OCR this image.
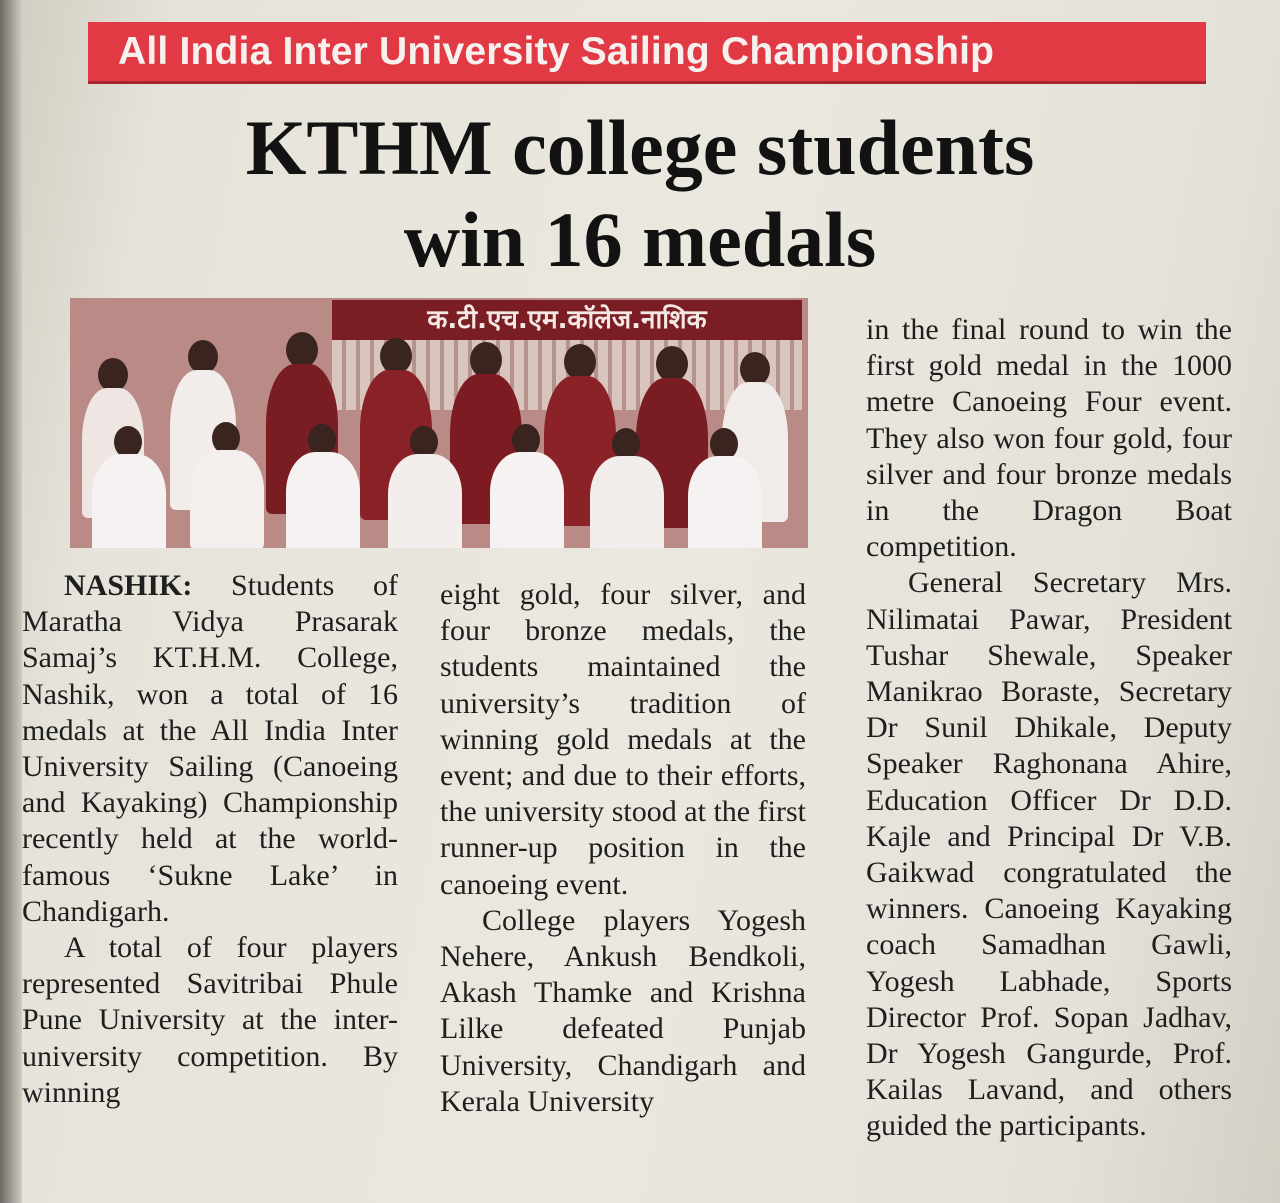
All India Inter University Sailing Championship
KTHM college students
win 16 medals
क.टी.एच.एम.कॉलेज.नाशिक

NASHIK: Students of Maratha Vidya Prasarak Samaj’s KT.H.M. College, Nashik, won a total of 16 medals at the All India Inter University Sailing (Canoeing and Kayaking) Championship recently held at the world-famous ‘Sukne Lake’ in Chandigarh.

A total of four players represented Savitribai Phule Pune University at the inter-university competition. By winning

eight gold, four silver, and four bronze medals, the students maintained the university’s tradition of winning gold medals at the event; and due to their efforts, the university stood at the first runner-up position in the canoeing event.

College players Yogesh Nehere, Ankush Bendkoli, Akash Thamke and Krishna Lilke defeated Punjab University, Chandigarh and Kerala University

in the final round to win the first gold medal in the 1000 metre Canoeing Four event. They also won four gold, four silver and four bronze medals in the Dragon Boat competition.

General Secretary Mrs. Nilimatai Pawar, President Tushar Shewale, Speaker Manikrao Boraste, Secretary Dr Sunil Dhikale, Deputy Speaker Raghonana Ahire, Education Officer Dr D.D. Kajle and Principal Dr V.B. Gaikwad congratulated the winners. Canoeing Kayaking coach Samadhan Gawli, Yogesh Labhade, Sports Director Prof. Sopan Jadhav, Dr Yogesh Gangurde, Prof. Kailas Lavand, and others guided the participants.
